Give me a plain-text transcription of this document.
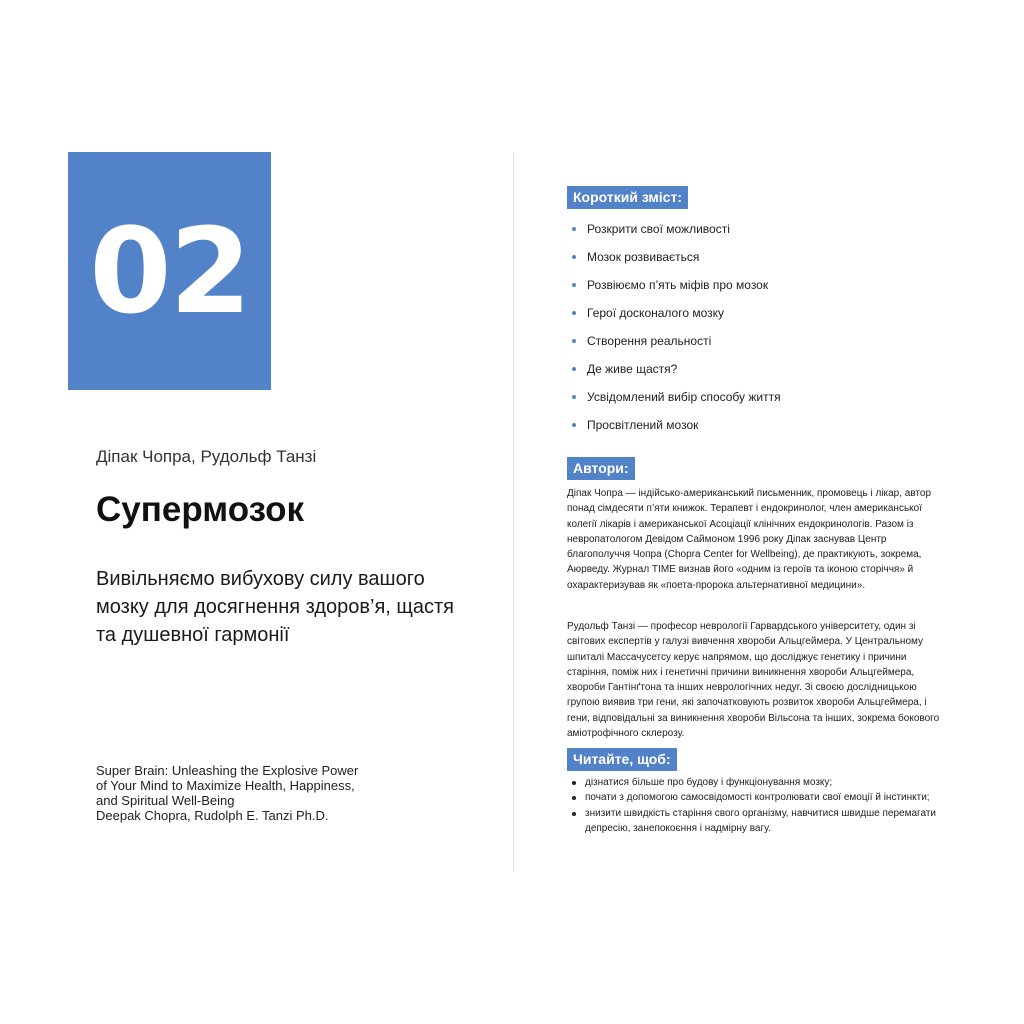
02
Діпак Чопра, Рудольф Танзі
Супермозок

Вивільняємо вибухову силу вашого мозку для досягнення здоров’я, щастя та душевної гармонії

Super Brain: Unleashing the Explosive Power
of Your Mind to Maximize Health, Happiness,
and Spiritual Well-Being
Deepak Chopra, Rudolph E. Tanzi Ph.D.
Короткий зміст:
Розкрити свої можливості
Мозок розвивається
Розвіюємо п’ять міфів про мозок
Герої досконалого мозку
Створення реальності
Де живе щастя?
Усвідомлений вибір способу життя
Просвітлений мозок
Автори:

Діпак Чопра — індійсько-американський письменник, промовець і лікар, автор понад сімдесяти п’яти книжок. Терапевт і ендокринолог, член американської колегії лікарів і американської Асоціації клінічних ендокринологів. Разом із невропатологом Девідом Саймоном 1996 року Діпак заснував Центр благополуччя Чопра (Chopra Center for Wellbeing), де практикують, зокрема, Аюрведу. Журнал TIME визнав його «одним із героїв та іконою сторіччя» й охарактеризував як «поета-пророка альтернативної медицини».

Рудольф Танзі — професор неврології Гарвардського університету, один зі світових експертів у галузі вивчення хвороби Альцгеймера. У Центральному шпиталі Массачусетсу керує напрямом, що досліджує генетику і причини старіння, поміж них і генетичні причини виникнення хвороби Альцгеймера, хвороби Гантінґтона та інших неврологічних недуг. Зі своєю дослідницькою групою виявив три гени, які започатковують розвиток хвороби Альцгеймера, і гени, відповідальні за виникнення хвороби Вільсона та інших, зокрема бокового аміотрофічного склерозу.

Читайте, щоб:
дізнатися більше про будову і функціонування мозку;
почати з допомогою самосвідомості контролювати свої емоції й інстинкти;
знизити швидкість старіння свого організму, навчитися швидше перемагати депресію, занепокоєння і надмірну вагу.
